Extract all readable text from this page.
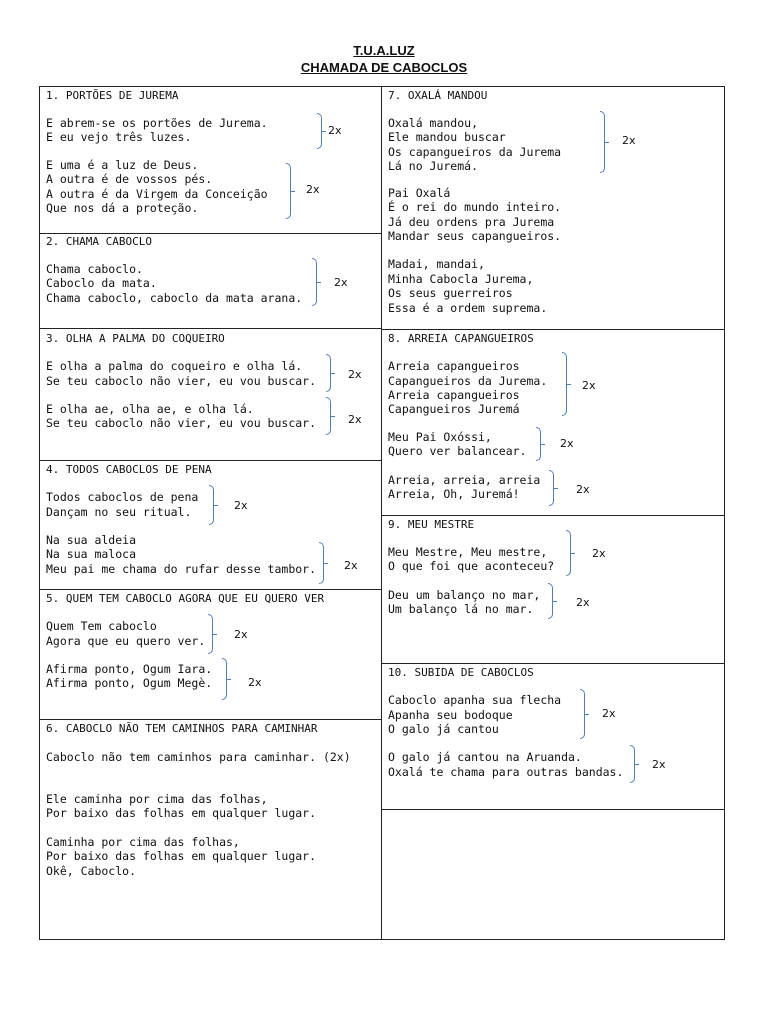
T.U.A.LUZ
CHAMADA DE CABOCLOS
1. PORTÕES DE JUREMA
E abrem-se os portões de Jurema.
E eu vejo três luzes.
E uma é a luz de Deus.
A outra é de vossos pés.
A outra é da Virgem da Conceição
Que nos dá a proteção.
2x
2x
2. CHAMA CABOCLO
Chama caboclo.
Caboclo da mata.
Chama caboclo, caboclo da mata arana.
2x
3. OLHA A PALMA DO COQUEIRO
E olha a palma do coqueiro e olha lá.
Se teu caboclo não vier, eu vou buscar.
E olha ae, olha ae, e olha lá.
Se teu caboclo não vier, eu vou buscar.
2x
2x
4. TODOS CABOCLOS DE PENA
Todos caboclos de pena
Dançam no seu ritual.
Na sua aldeia
Na sua maloca
Meu pai me chama do rufar desse tambor.
2x
2x
5. QUEM TEM CABOCLO AGORA QUE EU QUERO VER
Quem Tem caboclo
Agora que eu quero ver.
Afirma ponto, Ogum Iara.
Afirma ponto, Ogum Megè.
2x
2x
6. CABOCLO NÃO TEM CAMINHOS PARA CAMINHAR
Caboclo não tem caminhos para caminhar. (2x)
Ele caminha por cima das folhas,
Por baixo das folhas em qualquer lugar.
Caminha por cima das folhas,
Por baixo das folhas em qualquer lugar.
Okê, Caboclo.
7. OXALÁ MANDOU
Oxalá mandou,
Ele mandou buscar
Os capangueiros da Jurema
Lá no Juremá.
Pai Oxalá
É o rei do mundo inteiro.
Já deu ordens pra Jurema
Mandar seus capangueiros.
Madai, mandai,
Minha Cabocla Jurema,
Os seus guerreiros
Essa é a ordem suprema.
2x
8. ARREIA CAPANGUEIROS
Arreia capangueiros
Capangueiros da Jurema.
Arreia capangueiros
Capangueiros Juremá
Meu Pai Oxóssi,
Quero ver balancear.
Arreia, arreia, arreia
Arreia, Oh, Juremá!
2x
2x
2x
9. MEU MESTRE
Meu Mestre, Meu mestre,
O que foi que aconteceu?
Deu um balanço no mar,
Um balanço lá no mar.
2x
2x
10. SUBIDA DE CABOCLOS
Caboclo apanha sua flecha
Apanha seu bodoque
O galo já cantou
O galo já cantou na Aruanda.
Oxalá te chama para outras bandas.
2x
2x
